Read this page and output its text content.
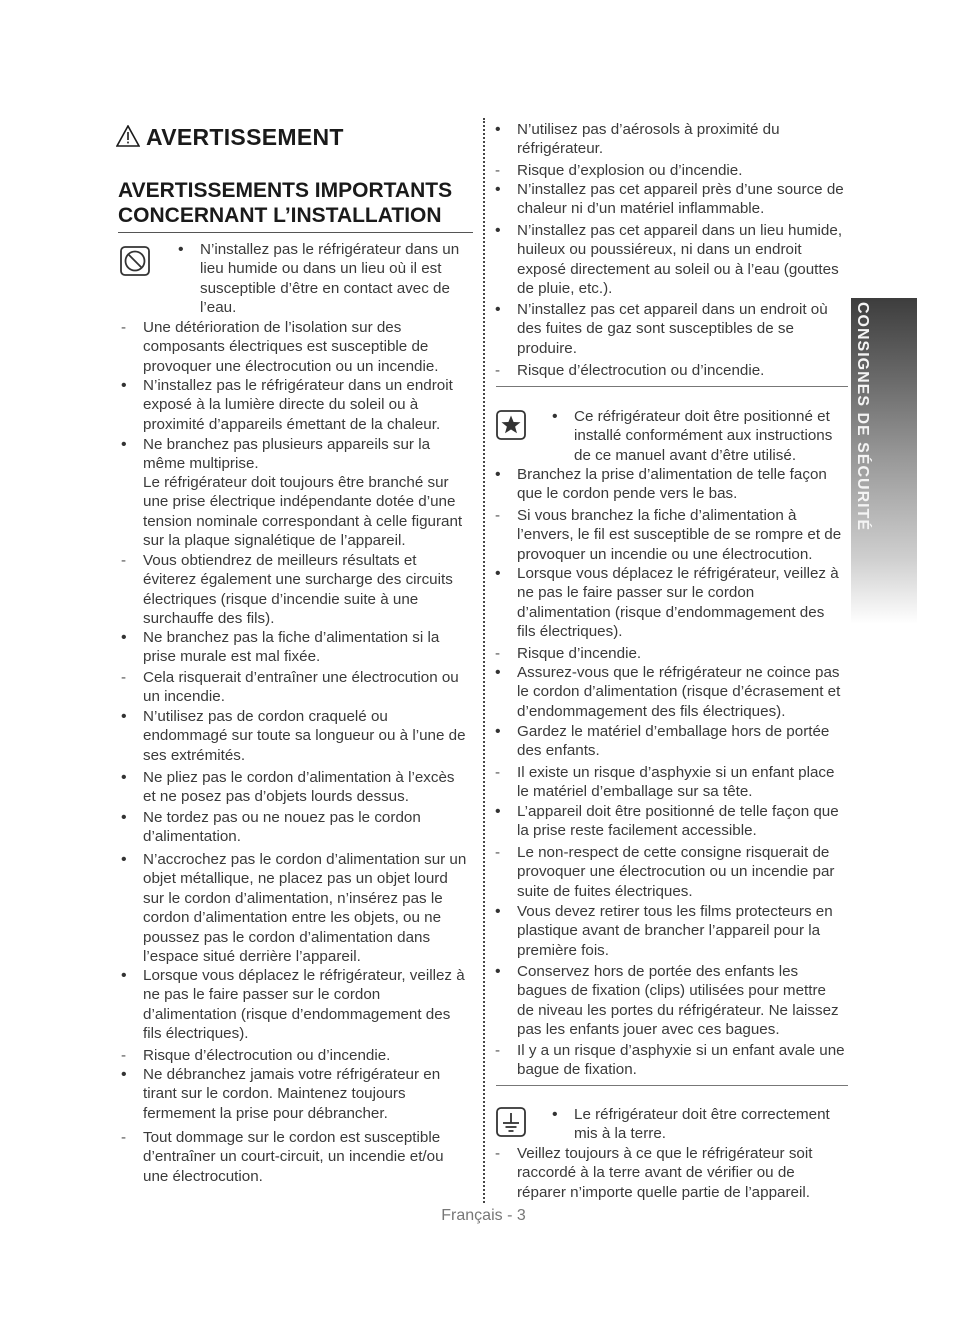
AVERTISSEMENT
AVERTISSEMENTS IMPORTANTS CONCERNANT L’INSTALLATION
• N’installez pas le réfrigérateur dans un lieu humide ou dans un lieu où il est susceptible d’être en contact avec de l’eau.
- Une détérioration de l’isolation sur des composants électriques est susceptible de provoquer une électrocution ou un incendie.
• N’installez pas le réfrigérateur dans un endroit exposé à la lumière directe du soleil ou à proximité d’appareils émettant de la chaleur.
• Ne branchez pas plusieurs appareils sur la même multiprise.
Le réfrigérateur doit toujours être branché sur une prise électrique indépendante dotée d’une tension nominale correspondant à celle figurant sur la plaque signalétique de l’appareil.
- Vous obtiendrez de meilleurs résultats et éviterez également une surcharge des circuits électriques (risque d’incendie suite à une surchauffe des fils).
• Ne branchez pas la fiche d’alimentation si la prise murale est mal fixée.
- Cela risquerait d’entraîner une électrocution ou un incendie.
• N’utilisez pas de cordon craquelé ou endommagé sur toute sa longueur ou à l’une de ses extrémités.
• Ne pliez pas le cordon d’alimentation à l’excès et ne posez pas d’objets lourds dessus.
• Ne tordez pas ou ne nouez pas le cordon d’alimentation.
• N’accrochez pas le cordon d’alimentation sur un objet métallique, ne placez pas un objet lourd sur le cordon d’alimentation, n’insérez pas le cordon d’alimentation entre les objets, ou ne poussez pas le cordon d’alimentation dans l’espace situé derrière l’appareil.
• Lorsque vous déplacez le réfrigérateur, veillez à ne pas le faire passer sur le cordon d’alimentation (risque d’endommagement des fils électriques).
- Risque d’électrocution ou d’incendie.
• Ne débranchez jamais votre réfrigérateur en tirant sur le cordon. Maintenez toujours fermement la prise pour débrancher.
- Tout dommage sur le cordon est susceptible d’entraîner un court-circuit, un incendie et/ou une électrocution.
• N’utilisez pas d’aérosols à proximité du réfrigérateur.
- Risque d’explosion ou d’incendie.
• N’installez pas cet appareil près d’une source de chaleur ni d’un matériel inflammable.
• N’installez pas cet appareil dans un lieu humide, huileux ou poussiéreux, ni dans un endroit exposé directement au soleil ou à l’eau (gouttes de pluie, etc.).
• N’installez pas cet appareil dans un endroit où des fuites de gaz sont susceptibles de se produire.
- Risque d’électrocution ou d’incendie.
• Ce réfrigérateur doit être positionné et installé conformément aux instructions de ce manuel avant d’être utilisé.
• Branchez la prise d’alimentation de telle façon que le cordon pende vers le bas.
- Si vous branchez la fiche d’alimentation à l’envers, le fil est susceptible de se rompre et de provoquer un incendie ou une électrocution.
• Lorsque vous déplacez le réfrigérateur, veillez à ne pas le faire passer sur le cordon d’alimentation (risque d’endommagement des fils électriques).
- Risque d’incendie.
• Assurez-vous que le réfrigérateur ne coince pas le cordon d’alimentation (risque d’écrasement et d’endommagement des fils électriques).
• Gardez le matériel d’emballage hors de portée des enfants.
- Il existe un risque d’asphyxie si un enfant place le matériel d’emballage sur sa tête.
• L’appareil doit être positionné de telle façon que la prise reste facilement accessible.
- Le non-respect de cette consigne risquerait de provoquer une électrocution ou un incendie par suite de fuites électriques.
• Vous devez retirer tous les films protecteurs en plastique avant de brancher l’appareil pour la première fois.
• Conservez hors de portée des enfants les bagues de fixation (clips) utilisées pour mettre de niveau les portes du réfrigérateur. Ne laissez pas les enfants jouer avec ces bagues.
- Il y a un risque d’asphyxie si un enfant avale une bague de fixation.
• Le réfrigérateur doit être correctement mis à la terre.
- Veillez toujours à ce que le réfrigérateur soit raccordé à la terre avant de vérifier ou de réparer n’importe quelle partie de l’appareil.
CONSIGNES DE SÉCURITÉ
Français - 3
